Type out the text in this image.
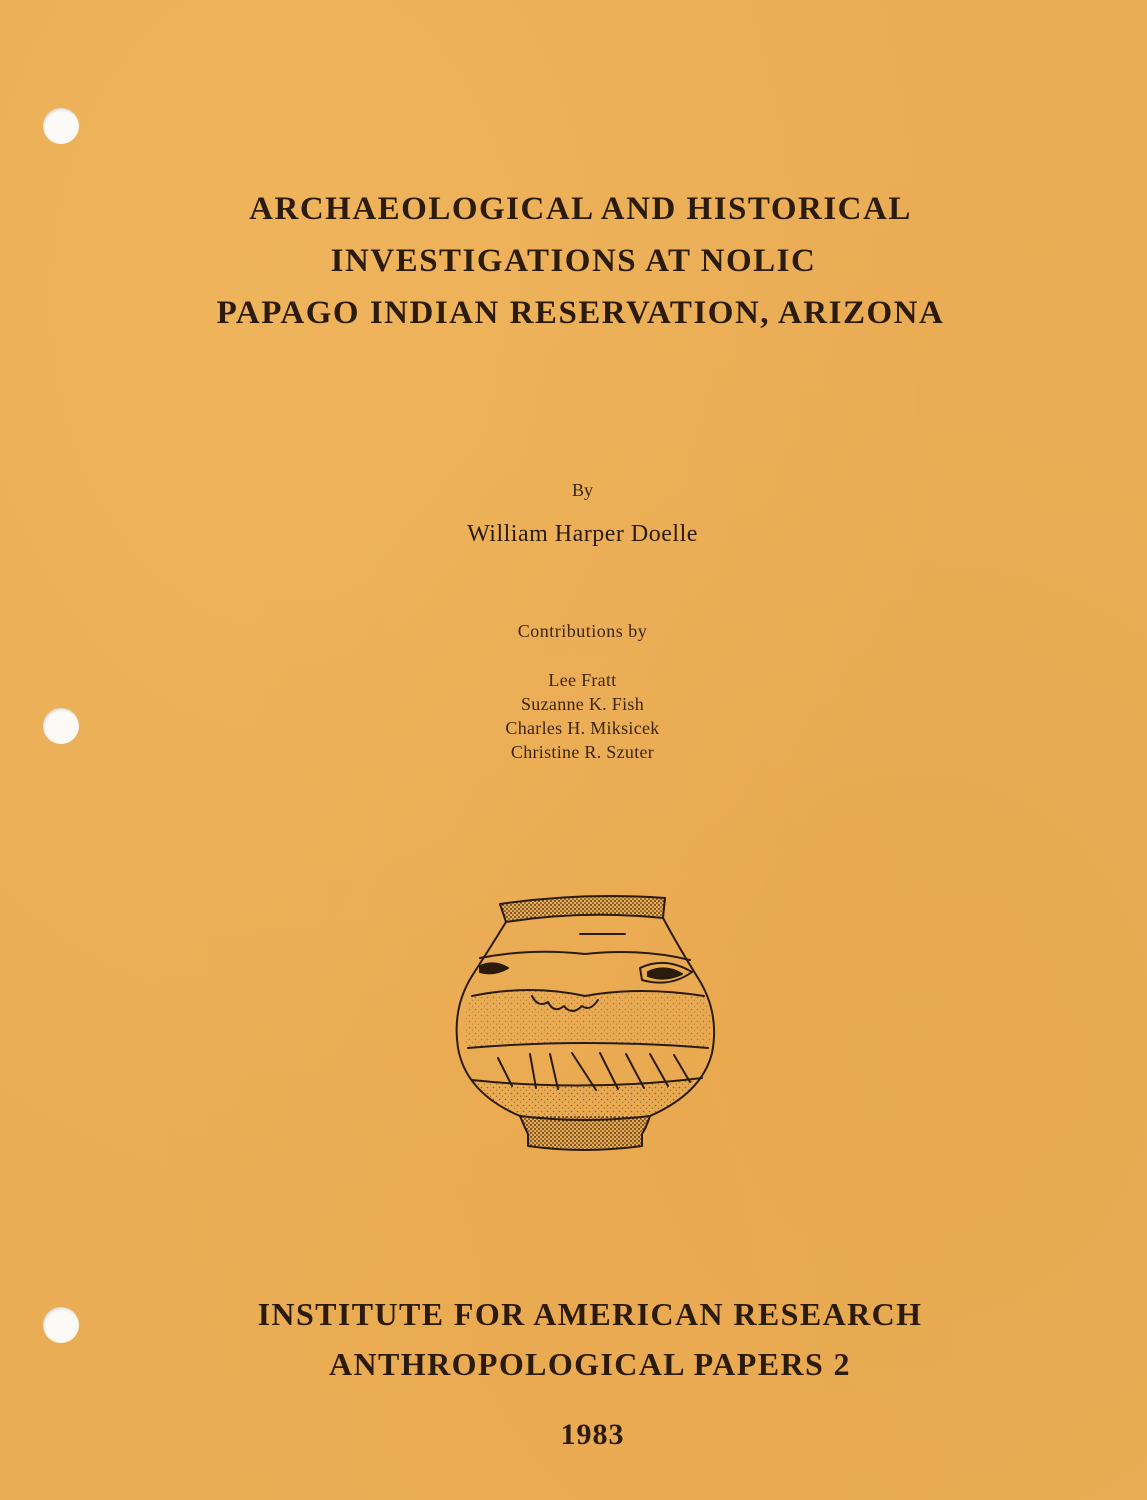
ARCHAEOLOGICAL AND HISTORICAL
INVESTIGATIONS AT NOLIC
PAPAGO INDIAN RESERVATION, ARIZONA
By
William Harper Doelle
Contributions by
Lee Fratt
Suzanne K. Fish
Charles H. Miksicek
Christine R. Szuter
INSTITUTE FOR AMERICAN RESEARCH
ANTHROPOLOGICAL PAPERS 2
1983
